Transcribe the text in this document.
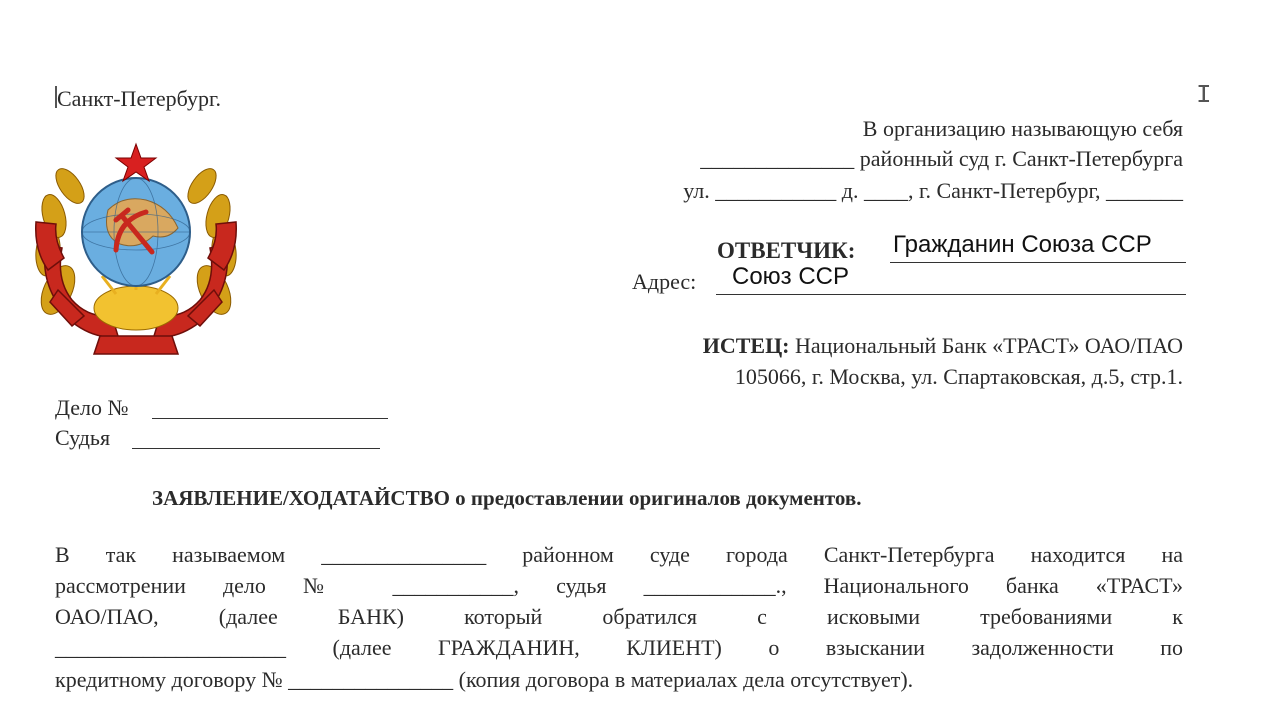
I
Санкт-Петербург.
В организацию называющую себя
______________ районный суд г. Санкт-Петербурга
ул. ___________ д. ____, г. Санкт-Петербург, _______
ОТВЕТЧИК: Гражданин Союза ССР
Адрес: Союз ССР
ИСТЕЦ: Национальный Банк «ТРАСТ» ОАО/ПАО
105066, г. Москва, ул. Спартаковская, д.5, стр.1.
Дело №
Судья
ЗАЯВЛЕНИЕ/ХОДАТАЙСТВО о предоставлении оригиналов документов.
В так называемом _______________ районном суде города Санкт-Петербурга находится на
рассмотрении дело № ___________, судья ____________., Национального банка «ТРАСТ»
ОАО/ПАО, (далее БАНК) который обратился с исковыми требованиями к
_____________________ (далее ГРАЖДАНИН, КЛИЕНТ) о взыскании задолженности по
кредитному договору № _______________ (копия договора в материалах дела отсутствует).
